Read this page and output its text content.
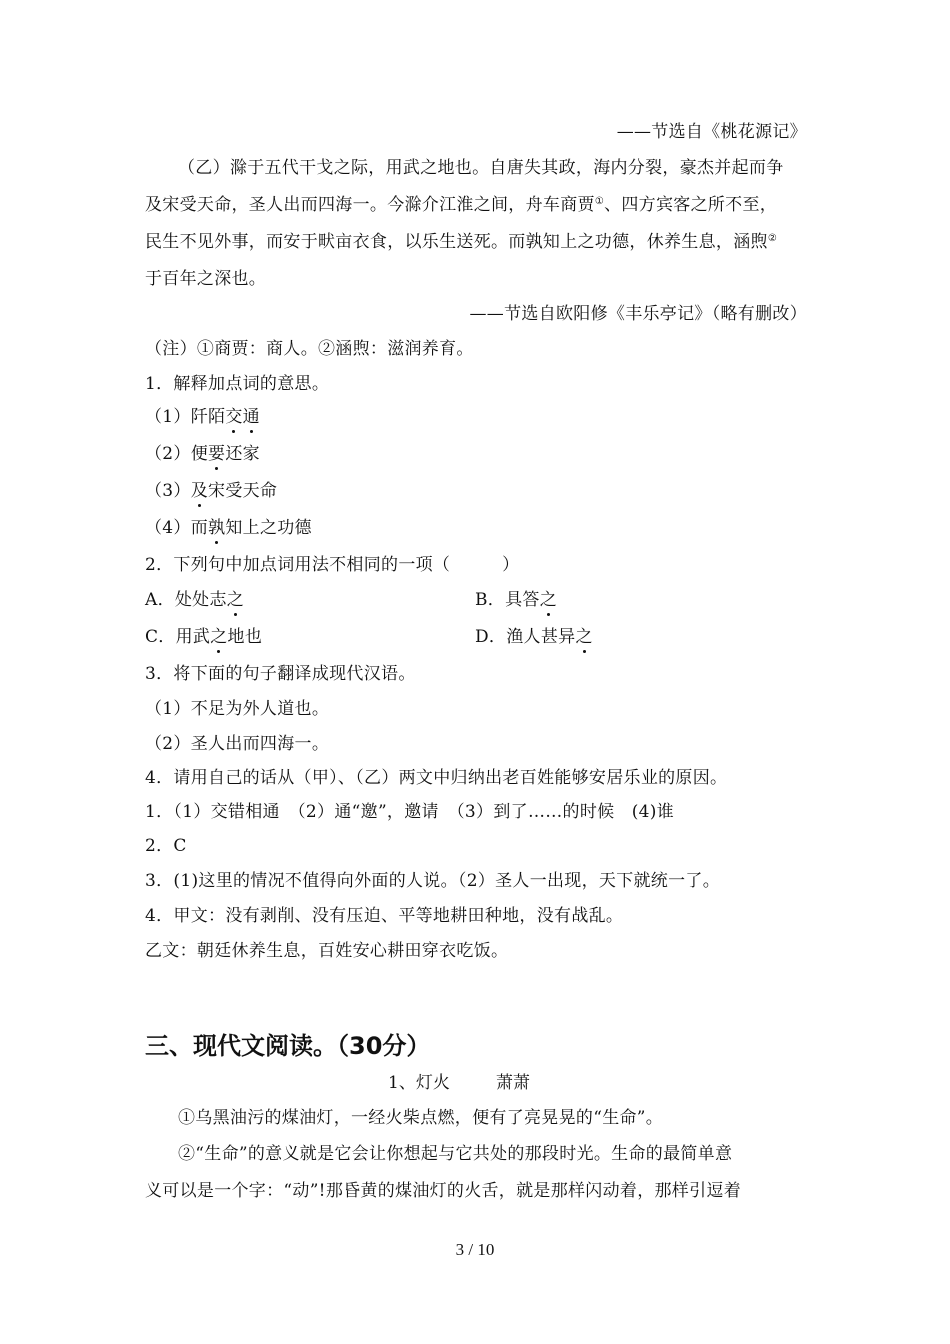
——节选自《桃花源记》
（乙）滁于五代干戈之际，用武之地也。自唐失其政，海内分裂，豪杰并起而争
及宋受天命，圣人出而四海一。今滁介江淮之间，舟车商贾①、四方宾客之所不至，
民生不见外事，而安于畎亩衣食，以乐生送死。而孰知上之功德，休养生息，涵煦②
于百年之深也。
——节选自欧阳修《丰乐亭记》（略有删改）
（注）①商贾：商人。②涵煦：滋润养育。
1．解释加点词的意思。
（1）阡陌交通
（2）便要还家
（3）及宋受天命
（4）而孰知上之功德
2．下列句中加点词用法不相同的一项（　　　）
A．处处志之	B．具答之
C．用武之地也	D．渔人甚异之
3．将下面的句子翻译成现代汉语。
（1）不足为外人道也。
（2）圣人出而四海一。
4．请用自己的话从（甲）、（乙）两文中归纳出老百姓能够安居乐业的原因。
1．（1）交错相通　（2）通“邀”，邀请　（3）到了……的时候　(4)谁
2．C
3．(1)这里的情况不值得向外面的人说。（2）圣人一出现，天下就统一了。
4．甲文：没有剥削、没有压迫、平等地耕田种地，没有战乱。
乙文：朝廷休养生息，百姓安心耕田穿衣吃饭。
三、现代文阅读。（30分）
1、灯火	萧萧
①乌黑油污的煤油灯，一经火柴点燃，便有了亮晃晃的“生命”。
②“生命”的意义就是它会让你想起与它共处的那段时光。生命的最简单意
义可以是一个字：“动”!那昏黄的煤油灯的火舌，就是那样闪动着，那样引逗着
3 / 10
